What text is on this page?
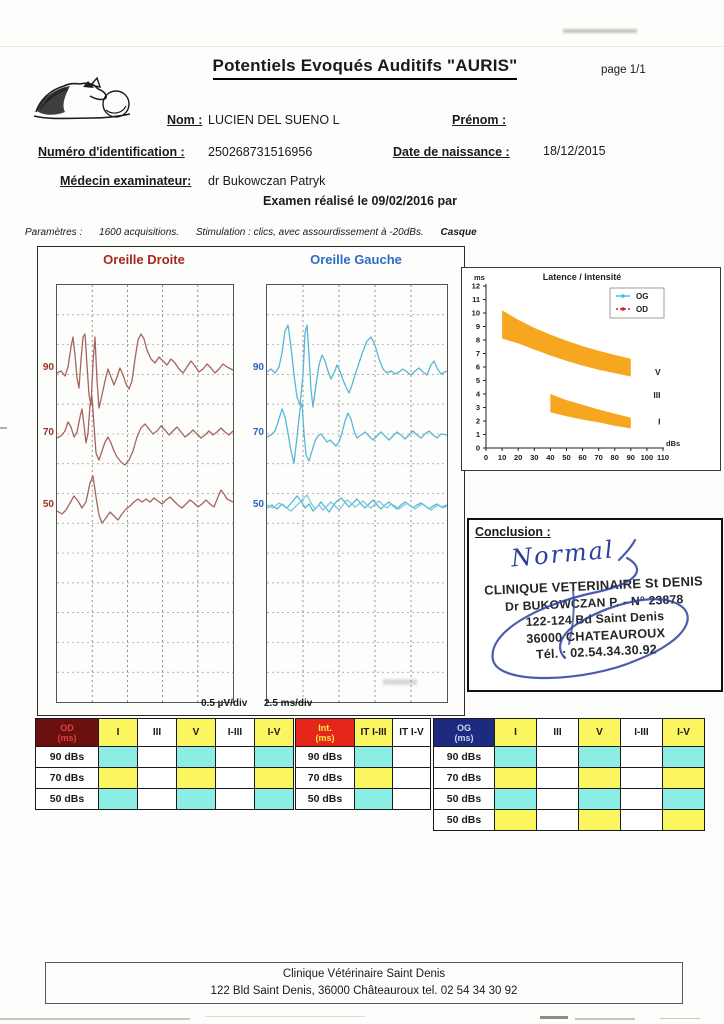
Potentiels Evoqués Auditifs "AURIS"	page 1/1
Nom : LUCIEN DEL SUENO L	Prénom :
Numéro d'identification : 250268731516956	Date de naissance :	18/12/2015
Médecin examinateur: dr Bukowczan Patryk
Examen réalisé le 09/02/2016 par
Paramètres : 1600 acquisitions. Stimulation : clics, avec assourdissement à -20dBs. Casque
Oreille Droite	Oreille Gauche
90
70
50
90
70
50
0.5 µV/div 2.5 ms/div
0
1
2
3
4
5
6
7
8
9
10
11
12
0 10 20 30 40 50 60 70 80 90 100 110
Latence / Intensité
ms
dBs
V
III
I
OG
OD
Conclusion :
Normal
CLINIQUE VETERINAIRE St DENIS
Dr BUKOWCZAN P. - N° 23878
122-124 Bd Saint Denis
36000 CHATEAUROUX
Tél. : 02.54.34.30.92
OD
(ms)	I	III	V	I-III	I-V
90 dBs					
70 dBs					
50 dBs					
Int.
(ms)	IT I-III	IT I-V
90 dBs		
70 dBs		
50 dBs		
OG
(ms)	I	III	V	I-III	I-V
90 dBs					
70 dBs					
50 dBs					
50 dBs					
Clinique Vétérinaire Saint Denis
122 Bld Saint Denis, 36000 Châteauroux tel. 02 54 34 30 92
